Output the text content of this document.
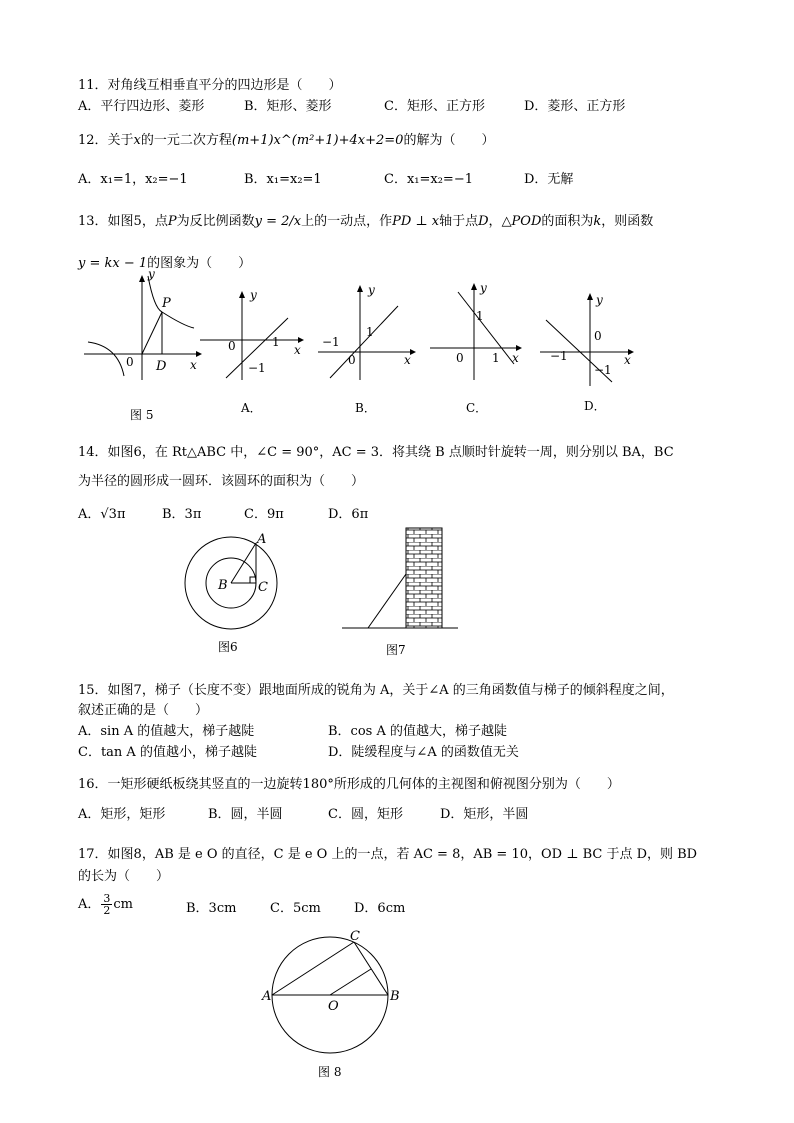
11．对角线互相垂直平分的四边形是（　　）
A．平行四边形、菱形	B．矩形、菱形	C．矩形、正方形	D．菱形、正方形
12．关于x的一元二次方程(m+1)x^(m²+1)+4x+2=0的解为（　　）
A．x₁=1，x₂=−1	B．x₁=x₂=1	C．x₁=x₂=−1	D．无解
13．如图5，点P为反比例函数y = 2/x上的一动点，作PD ⊥ x轴于点D，△POD的面积为k，则函数
y = kx − 1的图象为（　　）
y
P
0 D x
图 5
y
0	1
−1
x
A．
y
−1
1
0	x
B．
y
1
0 1 x
C．
y
0
−1
−1
x
D．
14．如图6，在 Rt△ABC 中，∠C = 90°，AC = 3．将其绕 B 点顺时针旋转一周，则分别以 BA，BC
为半径的圆形成一圆环．该圆环的面积为（　　）
A．√3π	B．3π	C．9π	D．6π
A
B C
图6	图7
15．如图7，梯子（长度不变）跟地面所成的锐角为 A，关于∠A 的三角函数值与梯子的倾斜程度之间，
叙述正确的是（　　）
A．sin A 的值越大，梯子越陡	B．cos A 的值越大，梯子越陡
C．tan A 的值越小，梯子越陡	D．陡缓程度与∠A 的函数值无关
16．一矩形硬纸板绕其竖直的一边旋转180°所形成的几何体的主视图和俯视图分别为（　　）
A．矩形，矩形	B．圆，半圆	C．圆，矩形	D．矩形，半圆
17．如图8，AB 是 e O 的直径，C 是 e O 上的一点，若 AC = 8，AB = 10，OD ⊥ BC 于点 D，则 BD
的长为（　　）
A． $\frac{3}{2}$ cm	B．3cm	C．5cm	D．6cm
C
A	B
O
图 8
